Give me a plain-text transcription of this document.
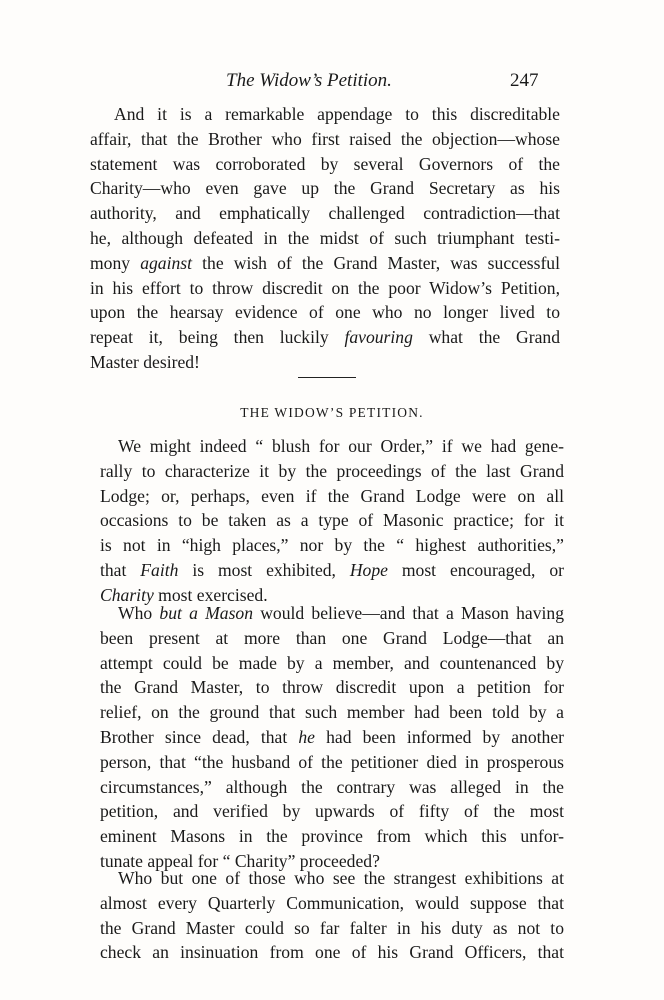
The Widow’s Petition.	247
And it is a remarkable appendage to this discreditable
affair, that the Brother who first raised the objection—whose
statement was corroborated by several Governors of the
Charity—who even gave up the Grand Secretary as his
authority, and emphatically challenged contradiction—that
he, although defeated in the midst of such triumphant testi-
mony against the wish of the Grand Master, was successful
in his effort to throw discredit on the poor Widow’s Petition,
upon the hearsay evidence of one who no longer lived to
repeat it, being then luckily favouring what the Grand
Master desired!
THE WIDOW’S PETITION.
We might indeed “ blush for our Order,” if we had gene-
rally to characterize it by the proceedings of the last Grand
Lodge; or, perhaps, even if the Grand Lodge were on all
occasions to be taken as a type of Masonic practice; for it
is not in “high places,” nor by the “ highest authorities,”
that Faith is most exhibited, Hope most encouraged, or
Charity most exercised.
Who but a Mason would believe—and that a Mason having
been present at more than one Grand Lodge—that an
attempt could be made by a member, and countenanced by
the Grand Master, to throw discredit upon a petition for
relief, on the ground that such member had been told by a
Brother since dead, that he had been informed by another
person, that “the husband of the petitioner died in prosperous
circumstances,” although the contrary was alleged in the
petition, and verified by upwards of fifty of the most
eminent Masons in the province from which this unfor-
tunate appeal for “ Charity” proceeded?
Who but one of those who see the strangest exhibitions at
almost every Quarterly Communication, would suppose that
the Grand Master could so far falter in his duty as not to
check an insinuation from one of his Grand Officers, that
